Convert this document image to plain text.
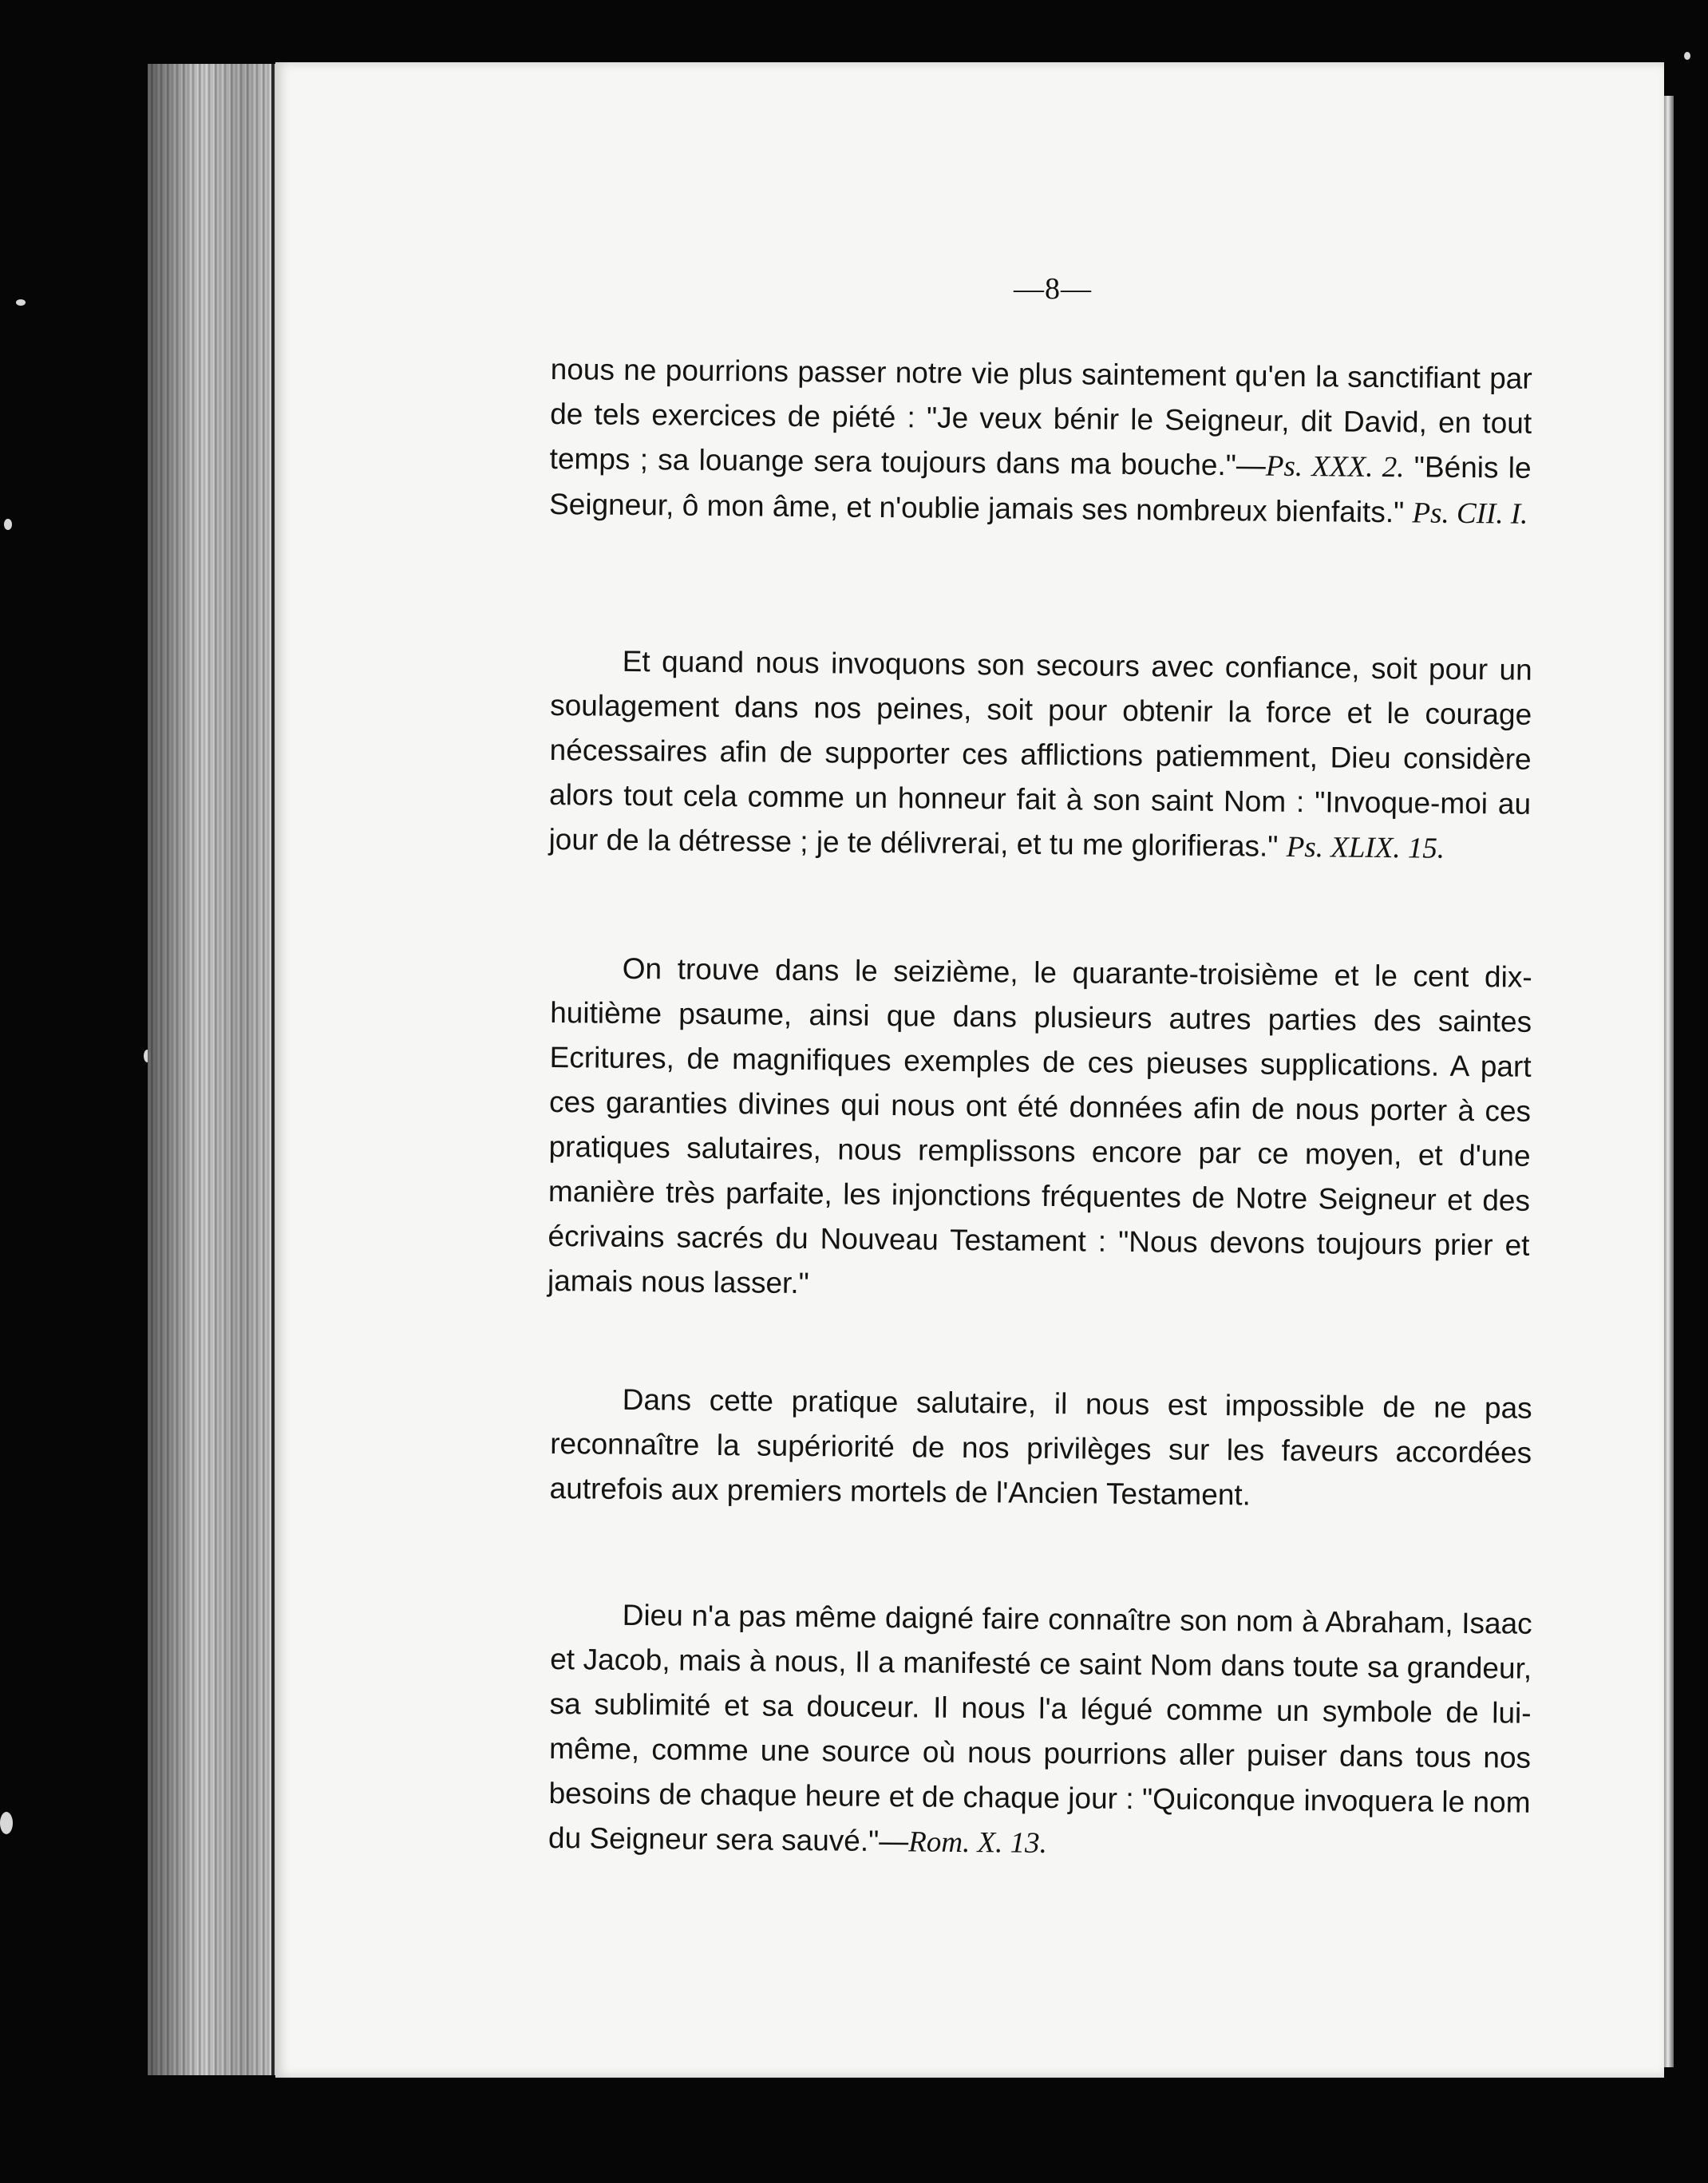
—8—

nous ne pourrions passer notre vie plus saintement qu'en la sanctifiant par de tels exercices de piété : "Je veux bénir le Seigneur, dit David, en tout temps ; sa louange sera toujours dans ma bouche."—Ps. XXX. 2. "Bénis le Seigneur, ô mon âme, et n'oublie jamais ses nombreux bienfaits." Ps. CII. I.

Et quand nous invoquons son secours avec confiance, soit pour un soulagement dans nos peines, soit pour obtenir la force et le courage nécessaires afin de supporter ces afflictions patiemment, Dieu considère alors tout cela comme un honneur fait à son saint Nom : "Invoque-moi au jour de la détresse ; je te délivrerai, et tu me glorifieras." Ps. XLIX. 15.

On trouve dans le seizième, le quarante-troisième et le cent dix-huitième psaume, ainsi que dans plusieurs autres parties des saintes Ecritures, de magnifiques exemples de ces pieuses supplications. A part ces garanties divines qui nous ont été données afin de nous porter à ces pratiques salutaires, nous remplissons encore par ce moyen, et d'une manière très parfaite, les injonctions fréquentes de Notre Seigneur et des écrivains sacrés du Nouveau Testament : "Nous devons toujours prier et jamais nous lasser."

Dans cette pratique salutaire, il nous est impossible de ne pas reconnaître la supériorité de nos privilèges sur les faveurs accordées autrefois aux premiers mortels de l'Ancien Testament.

Dieu n'a pas même daigné faire connaître son nom à Abraham, Isaac et Jacob, mais à nous, Il a manifesté ce saint Nom dans toute sa grandeur, sa sublimité et sa douceur. Il nous l'a légué comme un symbole de lui-même, comme une source où nous pourrions aller puiser dans tous nos besoins de chaque heure et de chaque jour : "Quiconque invoquera le nom du Seigneur sera sauvé."—Rom. X. 13.
